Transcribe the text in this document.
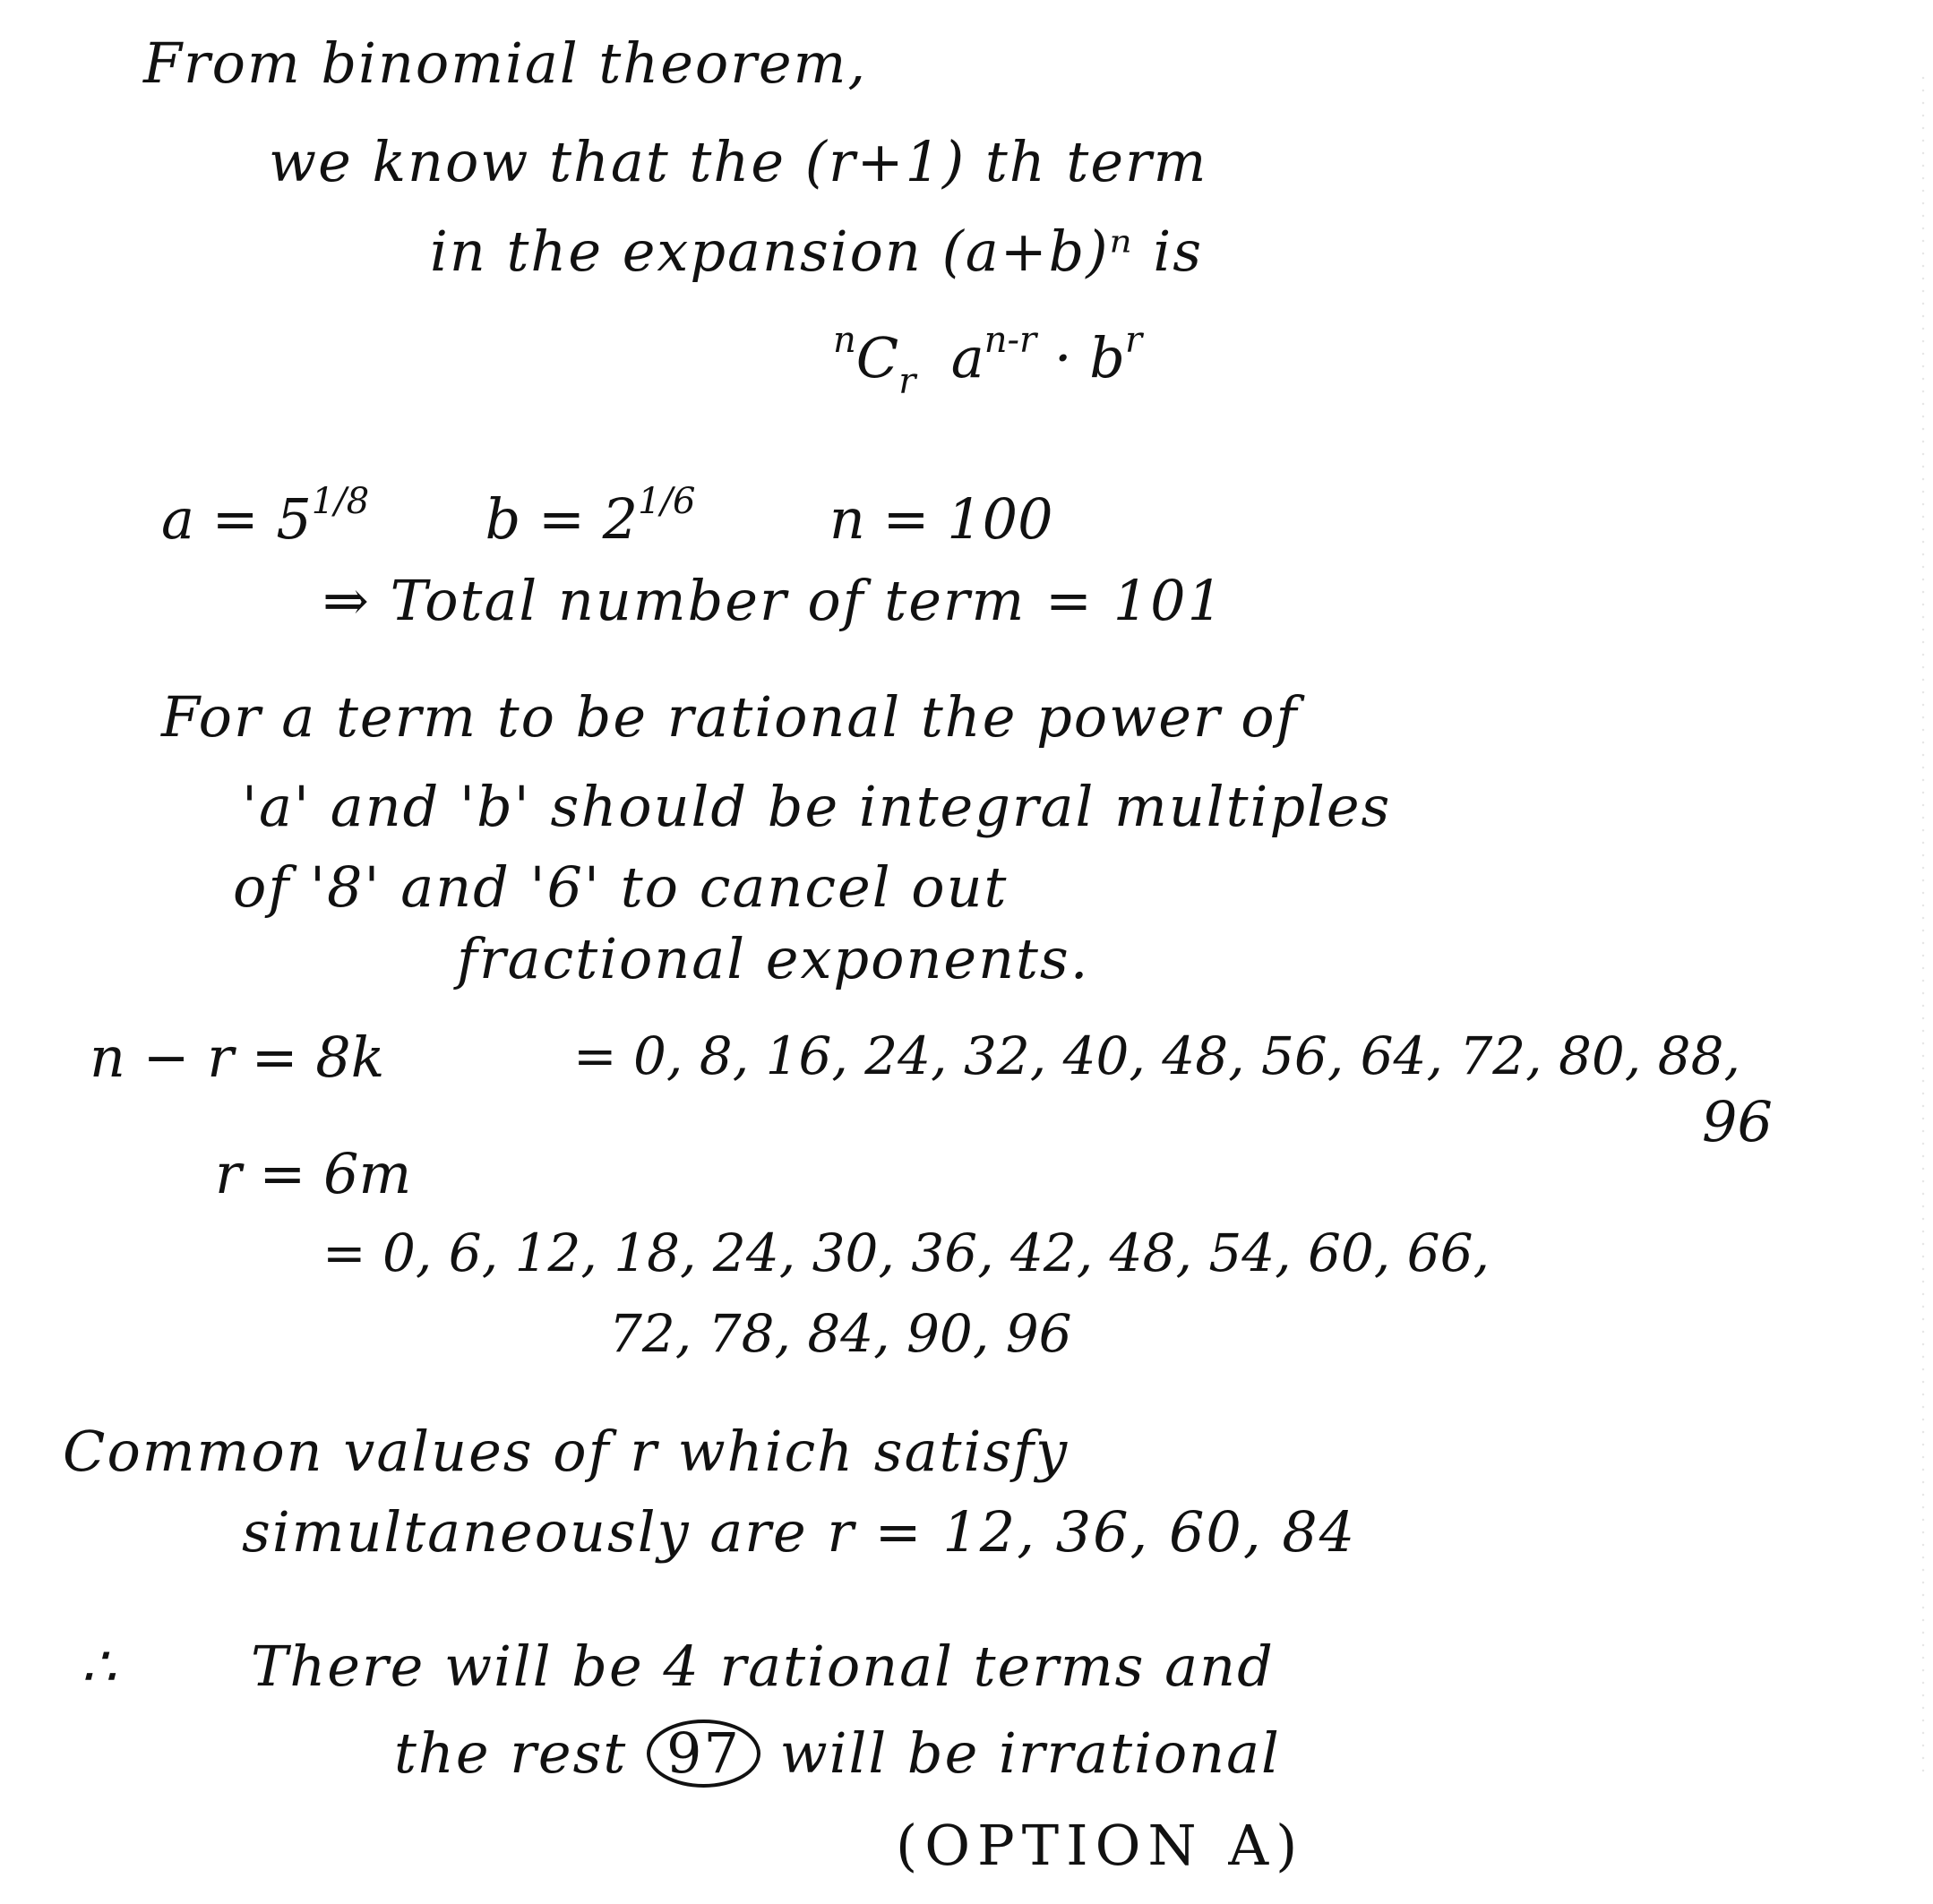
From binomial theorem,
we know that the (r+1) th term
in the expansion (a+b)ⁿ is
$^nC_r$ $a^{n-r} \cdot b^r$
$a = 5^{1/8}$ $b = 2^{1/6}$ n = 100
⇒ Total number of term = 101
For a term to be rational the power of
'a' and 'b' should be integral multiples
of '8' and '6' to cancel out
fractional exponents.
n − r = 8k	= 0, 8, 16, 24, 32, 40, 48, 56, 64, 72, 80, 88,
96
r = 6m
= 0, 6, 12, 18, 24, 30, 36, 42, 48, 54, 60, 66,
72, 78, 84, 90, 96
Common values of r which satisfy
simultaneously are r = 12, 36, 60, 84
∴ There will be 4 rational terms and
the rest 97 will be irrational
(OPTION A)
